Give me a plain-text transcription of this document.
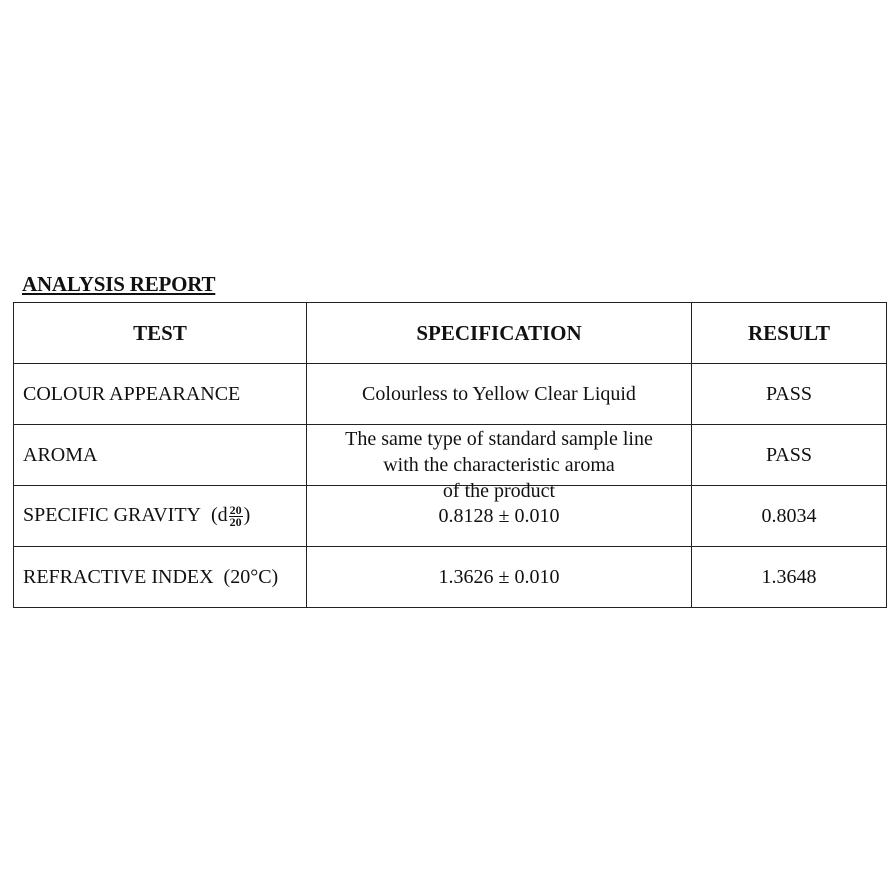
ANALYSIS REPORT
TEST	SPECIFICATION	RESULT
COLOUR APPEARANCE	Colourless to Yellow Clear Liquid	PASS
AROMA	The same type of standard sample line
with the characteristic aroma
of the product	PASS
SPECIFIC GRAVITY ($d \frac{20}{20}$ )	0.8128 ± 0.010	0.8034
REFRACTIVE INDEX (20°C)	1.3626 ± 0.010	1.3648
